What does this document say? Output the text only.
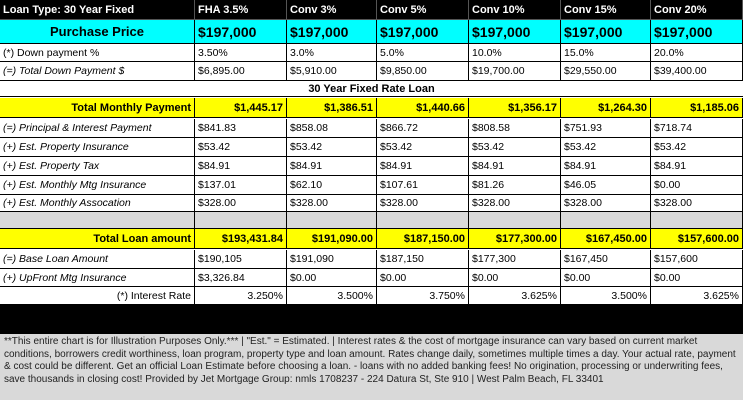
Loan Type: 30 Year Fixed	FHA 3.5%	Conv 3%	Conv 5%	Conv 10%	Conv 15%	Conv 20%
Purchase Price	$197,000	$197,000	$197,000	$197,000	$197,000	$197,000
(*) Down payment %	3.50%	3.0%	5.0%	10.0%	15.0%	20.0%
(=) Total Down Payment $	$6,895.00	$5,910.00	$9,850.00	$19,700.00	$29,550.00	$39,400.00
30 Year Fixed Rate Loan
Total Monthly Payment	$1,445.17	$1,386.51	$1,440.66	$1,356.17	$1,264.30	$1,185.06
(=) Principal & Interest Payment	$841.83	$858.08	$866.72	$808.58	$751.93	$718.74
(+) Est. Property Insurance	$53.42	$53.42	$53.42	$53.42	$53.42	$53.42
(+) Est. Property Tax	$84.91	$84.91	$84.91	$84.91	$84.91	$84.91
(+) Est. Monthly Mtg Insurance	$137.01	$62.10	$107.61	$81.26	$46.05	$0.00
(+) Est. Monthly Assocation	$328.00	$328.00	$328.00	$328.00	$328.00	$328.00
Total Loan amount	$193,431.84	$191,090.00	$187,150.00	$177,300.00	$167,450.00	$157,600.00
(=) Base Loan Amount	$190,105	$191,090	$187,150	$177,300	$167,450	$157,600
(+) UpFront Mtg Insurance	$3,326.84	$0.00	$0.00	$0.00	$0.00	$0.00
(*) Interest Rate	3.250%	3.500%	3.750%	3.625%	3.500%	3.625%
**This entire chart is for Illustration Purposes Only.*** | "Est." = Estimated. | Interest rates & the cost of mortgage insurance can vary based on current market conditions, borrowers credit worthiness, loan program, property type and loan amount. Rates change daily, sometimes multiple times a day. Your actual rate, payment & cost could be different. Get an official Loan Estimate before choosing a loan. - loans with no added banking fees! No origination, processing or underwriting fees, save thousands in closing cost! Provided by Jet Mortgage Group: nmls 1708237 - 224 Datura St, Ste 910 | West Palm Beach, FL 33401
